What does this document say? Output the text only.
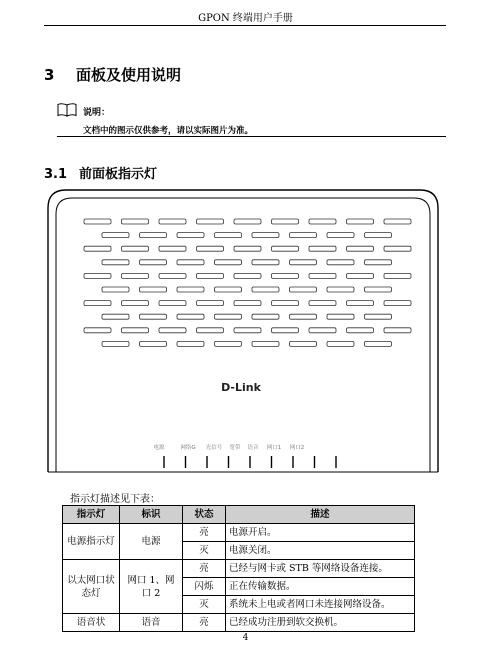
GPON 终端用户手册
3 面板及使用说明
说明：
文档中的图示仅供参考，请以实际图片为准。
3.1 前面板指示灯
D-Link
电源	网络G 光信号 宽带 语音 网口1 网口2
指示灯描述见下表：
指示灯	标识	状态	描述
电源指示灯	电源	亮	电源开启。
		灭	电源关闭。
以太网口状态灯	网口 1、网口 2	亮	已经与网卡或 STB 等网络设备连接。
		闪烁	正在传输数据。
		灭	系统未上电或者网口未连接网络设备。
语音状	语音	亮	已经成功注册到软交换机。
4
